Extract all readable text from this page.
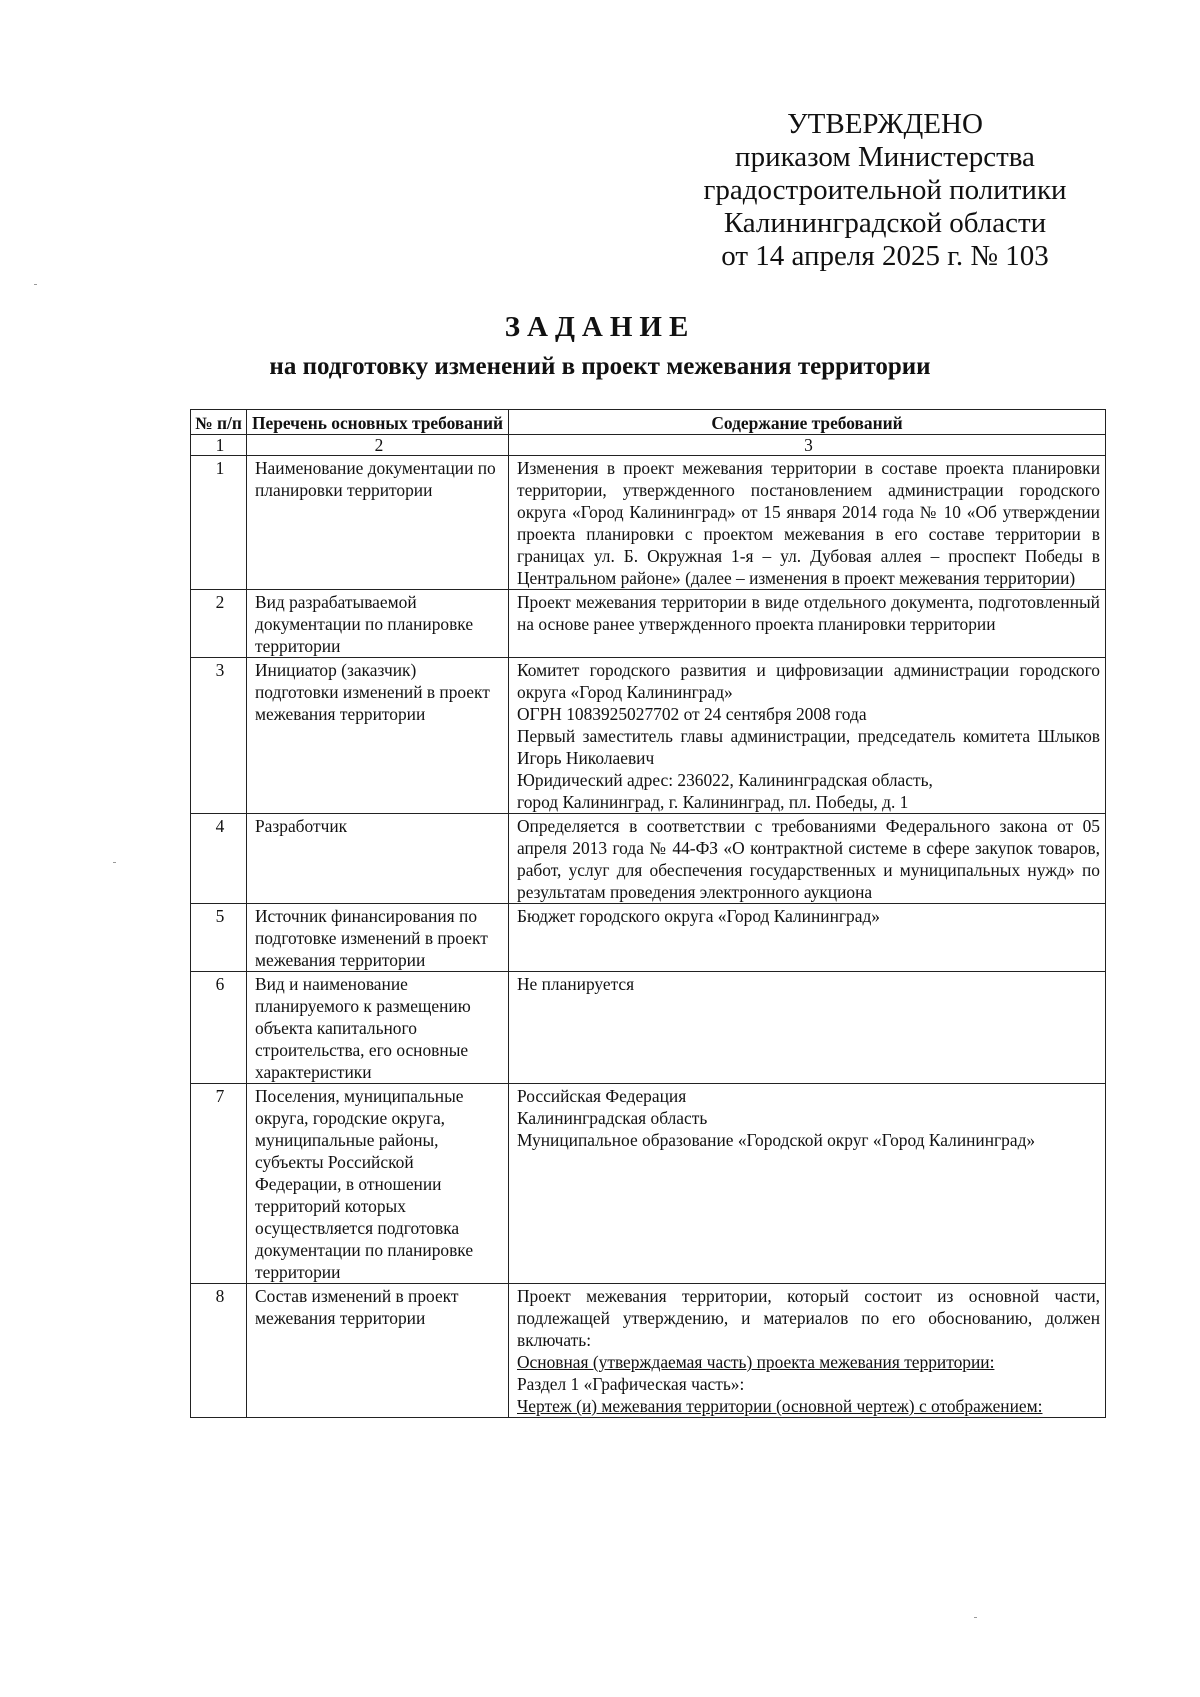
УТВЕРЖДЕНО
приказом Министерства
градостроительной политики
Калининградской области
от 14 апреля 2025 г. № 103
ЗАДАНИЕ
на подготовку изменений в проект межевания территории
№ п/п	Перечень основных требований	Содержание требований
1	2	3
1	Наименование документации по планировки территории	Изменения в проект межевания территории в составе проекта планировки территории, утвержденного постановлением администрации городского округа «Город Калининград» от 15 января 2014 года № 10 «Об утверждении проекта планировки с проектом межевания в его составе территории в границах ул. Б. Окружная 1-я – ул. Дубовая аллея – проспект Победы в Центральном районе» (далее – изменения в проект межевания территории)

2	Вид разрабатываемой документации по планировке территории	Проект межевания территории в виде отдельного документа, подготовленный на основе ранее утвержденного проекта планировки территории

3	Инициатор (заказчик) подготовки изменений в проект межевания территории	Комитет городского развития и цифровизации администрации городского округа «Город Калининград»
ОГРН 1083925027702 от 24 сентября 2008 года
Первый заместитель главы администрации, председатель комитета Шлыков Игорь Николаевич
Юридический адрес: 236022, Калининградская область,
город Калининград, г. Калининград, пл. Победы, д. 1

4	Разработчик	Определяется в соответствии с требованиями Федерального закона от 05 апреля 2013 года № 44-ФЗ «О контрактной системе в сфере закупок товаров, работ, услуг для обеспечения государственных и муниципальных нужд» по результатам проведения электронного аукциона

5	Источник финансирования по подготовке изменений в проект межевания территории	Бюджет городского округа «Город Калининград»

6	Вид и наименование планируемого к размещению объекта капитального строительства, его основные характеристики	Не планируется

7	Поселения, муниципальные округа, городские округа, муниципальные районы, субъекты Российской Федерации, в отношении территорий которых осуществляется подготовка документации по планировке территории	Российская Федерация
Калининградская область
Муниципальное образование «Городской округ «Город Калининград»

8	Состав изменений в проект межевания территории	Проект межевания территории, который состоит из основной части, подлежащей утверждению, и материалов по его обоснованию, должен включать:
Основная (утверждаемая часть) проекта межевания территории:
Раздел 1 «Графическая часть»:
Чертеж (и) межевания территории (основной чертеж) с отображением:
